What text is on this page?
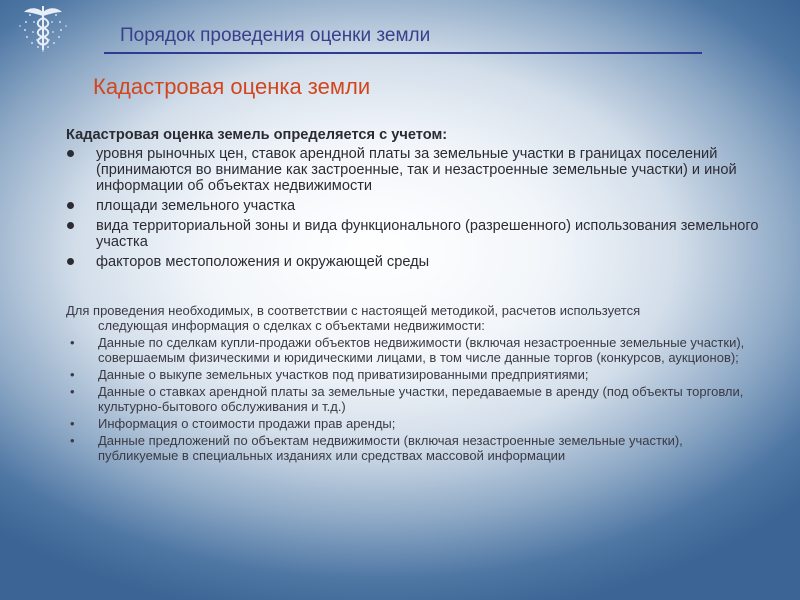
Порядок проведения оценки земли
Кадастровая оценка земли
Кадастровая оценка земель определяется с учетом:
уровня рыночных цен, ставок арендной платы за земельные участки в границах поселений (принимаются во внимание как застроенные, так и незастроенные земельные участки) и иной информации об объектах недвижимости
площади земельного участка
вида территориальной зоны и вида функционального (разрешенного) использования земельного участка
факторов местоположения и окружающей среды
Для проведения необходимых, в соответствии с настоящей методикой, расчетов используется
следующая информация о сделках с объектами недвижимости:
• Данные по сделкам купли-продажи объектов недвижимости (включая незастроенные земельные участки), совершаемым физическими и юридическими лицами, в том числе данные торгов (конкурсов, аукционов);
• Данные о выкупе земельных участков под приватизированными предприятиями;
• Данные о ставках арендной платы за земельные участки, передаваемые в аренду (под объекты торговли, культурно-бытового обслуживания и т.д.)
• Информация о стоимости продажи прав аренды;
• Данные предложений по объектам недвижимости (включая незастроенные земельные участки), публикуемые в специальных изданиях или средствах массовой информации
